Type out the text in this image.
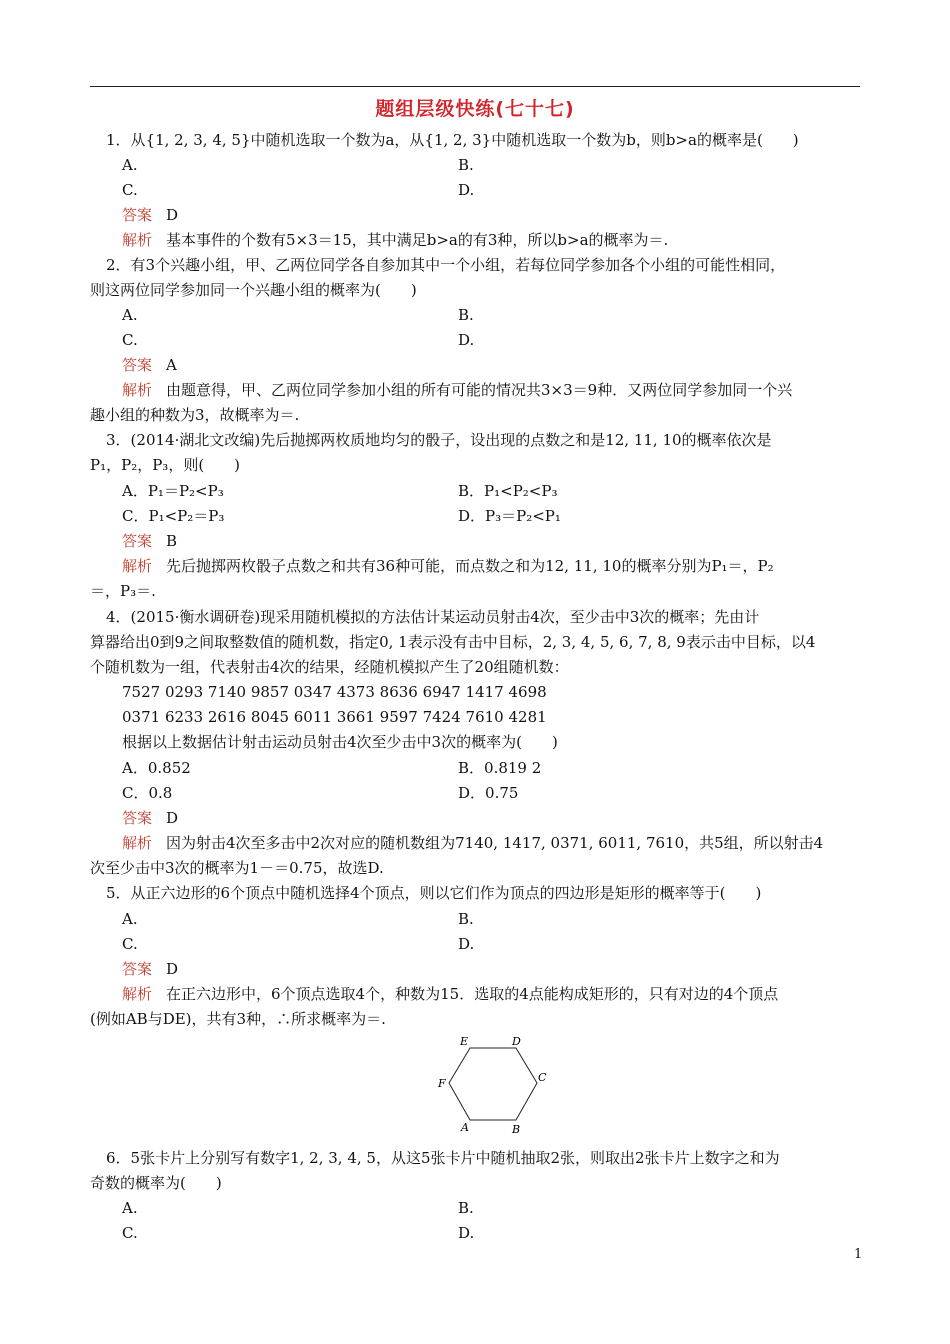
题组层级快练(七十七)
1．从{1, 2, 3, 4, 5}中随机选取一个数为a，从{1, 2, 3}中随机选取一个数为b，则b>a的概率是(　　)
A.	B.
C.	D.
答案 D
解析 基本事件的个数有5×3＝15，其中满足b>a的有3种，所以b>a的概率为＝.
2．有3个兴趣小组，甲、乙两位同学各自参加其中一个小组，若每位同学参加各个小组的可能性相同，
则这两位同学参加同一个兴趣小组的概率为(　　)
A.	B.
C.	D.
答案 A
解析 由题意得，甲、乙两位同学参加小组的所有可能的情况共3×3＝9种．又两位同学参加同一个兴
趣小组的种数为3，故概率为＝.
3．(2014·湖北文改编)先后抛掷两枚质地均匀的骰子，设出现的点数之和是12, 11, 10的概率依次是
P₁，P₂，P₃，则(　　)
A．P₁＝P₂<P₃	B．P₁<P₂<P₃
C．P₁<P₂＝P₃	D．P₃＝P₂<P₁
答案 B
解析 先后抛掷两枚骰子点数之和共有36种可能，而点数之和为12, 11, 10的概率分别为P₁＝，P₂
＝，P₃＝.
4．(2015·衡水调研卷)现采用随机模拟的方法估计某运动员射击4次，至少击中3次的概率；先由计
算器给出0到9之间取整数值的随机数，指定0, 1表示没有击中目标，2, 3, 4, 5, 6, 7, 8, 9表示击中目标，以4
个随机数为一组，代表射击4次的结果，经随机模拟产生了20组随机数：
7527 0293 7140 9857 0347 4373 8636 6947 1417 4698
0371 6233 2616 8045 6011 3661 9597 7424 7610 4281
根据以上数据估计射击运动员射击4次至少击中3次的概率为(　　)
A．0.852	B．0.819 2
C．0.8	D．0.75
答案 D
解析 因为射击4次至多击中2次对应的随机数组为7140, 1417, 0371, 6011, 7610，共5组，所以射击4
次至少击中3次的概率为1－＝0.75，故选D.
5．从正六边形的6个顶点中随机选择4个顶点，则以它们作为顶点的四边形是矩形的概率等于(　　)
A.	B.
C.	D.
答案 D
解析 在正六边形中，6个顶点选取4个，种数为15．选取的4点能构成矩形的，只有对边的4个顶点
(例如AB与DE)，共有3种，∴所求概率为＝.
E	D
F	C
A	B
6．5张卡片上分别写有数字1, 2, 3, 4, 5，从这5张卡片中随机抽取2张，则取出2张卡片上数字之和为
奇数的概率为(　　)
A.	B.
C.	D.
1
